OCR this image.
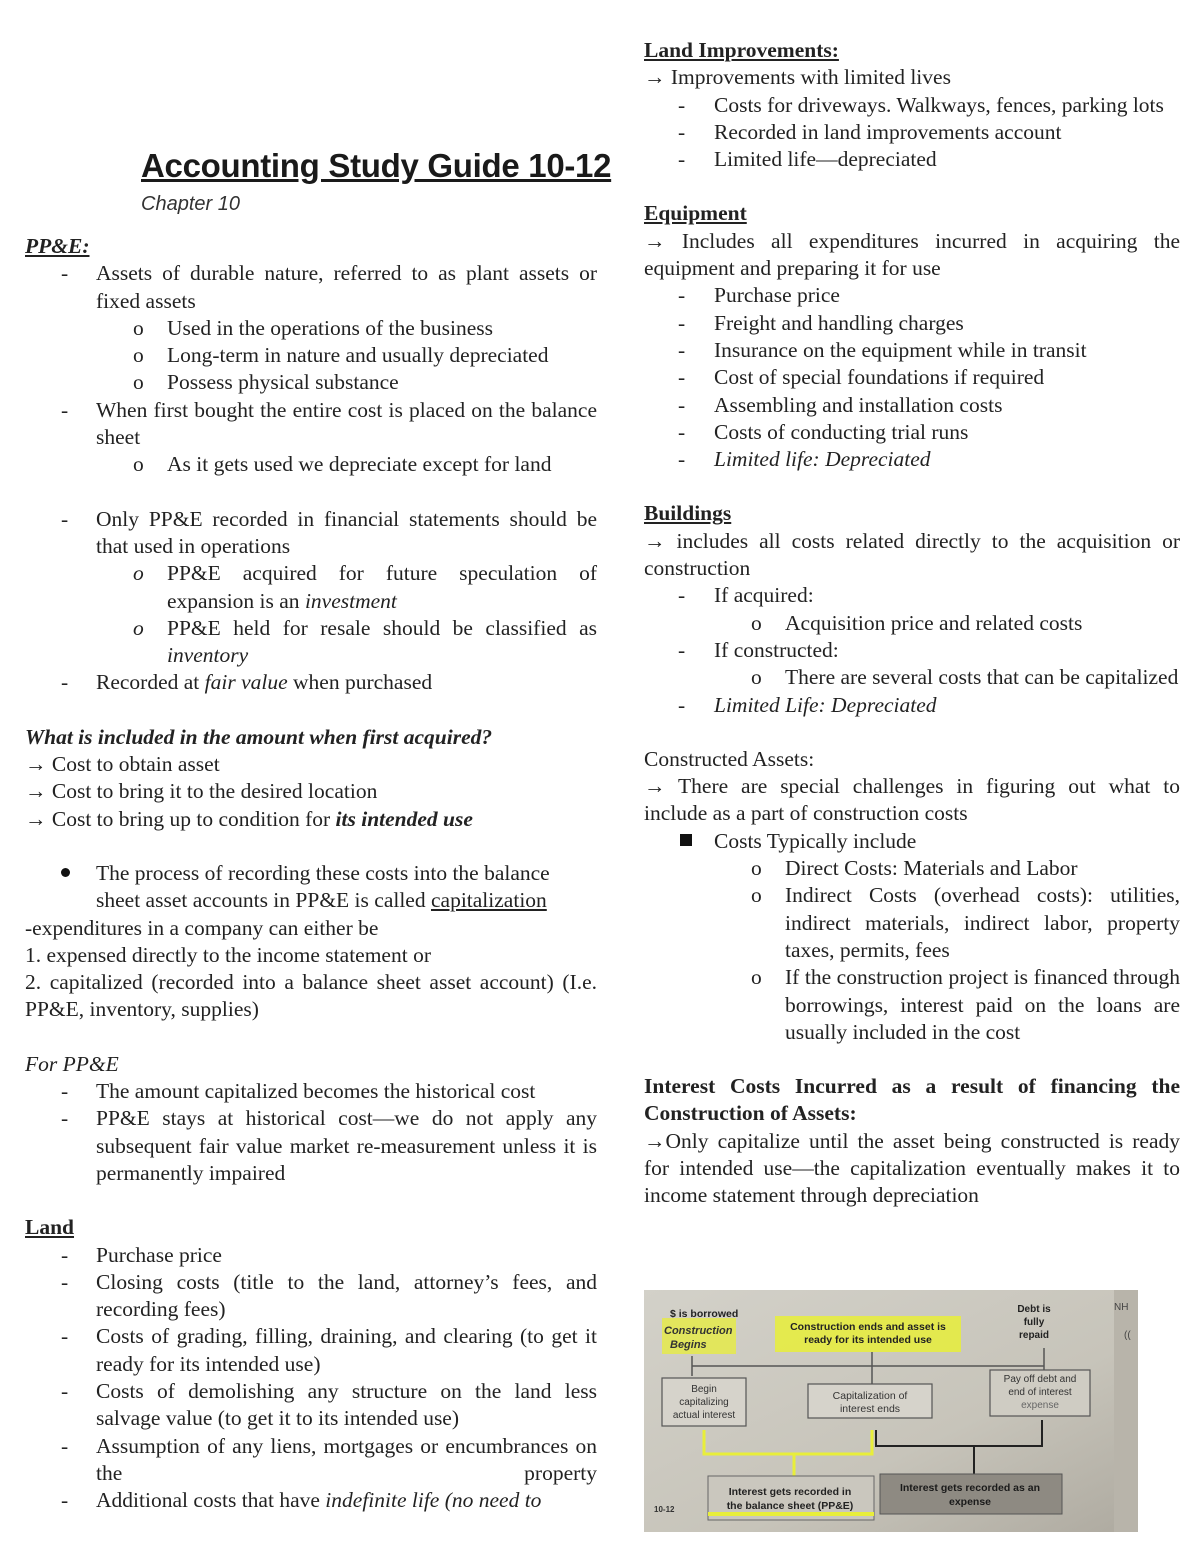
Accounting Study Guide 10-12
Chapter 10
PP&E:
- Assets of durable nature, referred to as plant assets or fixed assets
o Used in the operations of the business
o Long-term in nature and usually depreciated
o Possess physical substance
- When first bought the entire cost is placed on the balance sheet
o As it gets used we depreciate except for land
- Only PP&E recorded in financial statements should be that used in operations
o PP&E acquired for future speculation of expansion is an investment
o PP&E held for resale should be classified as inventory
- Recorded at fair value when purchased
What is included in the amount when first acquired?
→ Cost to obtain asset
→ Cost to bring it to the desired location
→ Cost to bring up to condition for its intended use
The process of recording these costs into the balance sheet asset accounts in PP&E is called capitalization
-expenditures in a company can either be
1. expensed directly to the income statement or
2. capitalized (recorded into a balance sheet asset account) (I.e. PP&E, inventory, supplies)
For PP&E
- The amount capitalized becomes the historical cost
- PP&E stays at historical cost—we do not apply any subsequent fair value market re-measurement unless it is permanently impaired
Land
- Purchase price
- Closing costs (title to the land, attorney’s fees, and recording fees)
- Costs of grading, filling, draining, and clearing (to get it ready for its intended use)
- Costs of demolishing any structure on the land less salvage value (to get it to its intended use)
- Assumption of any liens, mortgages or encumbrances on the property
- Additional costs that have indefinite life (no need to
Land Improvements:
→ Improvements with limited lives
- Costs for driveways. Walkways, fences, parking lots
- Recorded in land improvements account
- Limited life—depreciated
Equipment
→ Includes all expenditures incurred in acquiring the equipment and preparing it for use
- Purchase price
- Freight and handling charges
- Insurance on the equipment while in transit
- Cost of special foundations if required
- Assembling and installation costs
- Costs of conducting trial runs
- Limited life: Depreciated
Buildings
→ includes all costs related directly to the acquisition or construction
- If acquired:
o Acquisition price and related costs
- If constructed:
o There are several costs that can be capitalized
- Limited Life: Depreciated
Constructed Assets:
→ There are special challenges in figuring out what to include as a part of construction costs
Costs Typically include
o Direct Costs: Materials and Labor
o Indirect Costs (overhead costs): utilities, indirect materials, indirect labor, property taxes, permits, fees
o If the construction project is financed through borrowings, interest paid on the loans are usually included in the cost
Interest Costs Incurred as a result of financing the Construction of Assets:
→Only capitalize until the asset being constructed is ready for intended use—the capitalization eventually makes it to income statement through depreciation
$ is borrowed
Construction
Begins
Construction ends and asset is
ready for its intended use
Debt is
fully
repaid
Begin
capitalizing
actual interest
Capitalization of
interest ends
Pay off debt and
end of interest
expense
Interest gets recorded in
the balance sheet (PP&E)
Interest gets recorded as an
expense
10-12
NH
((
